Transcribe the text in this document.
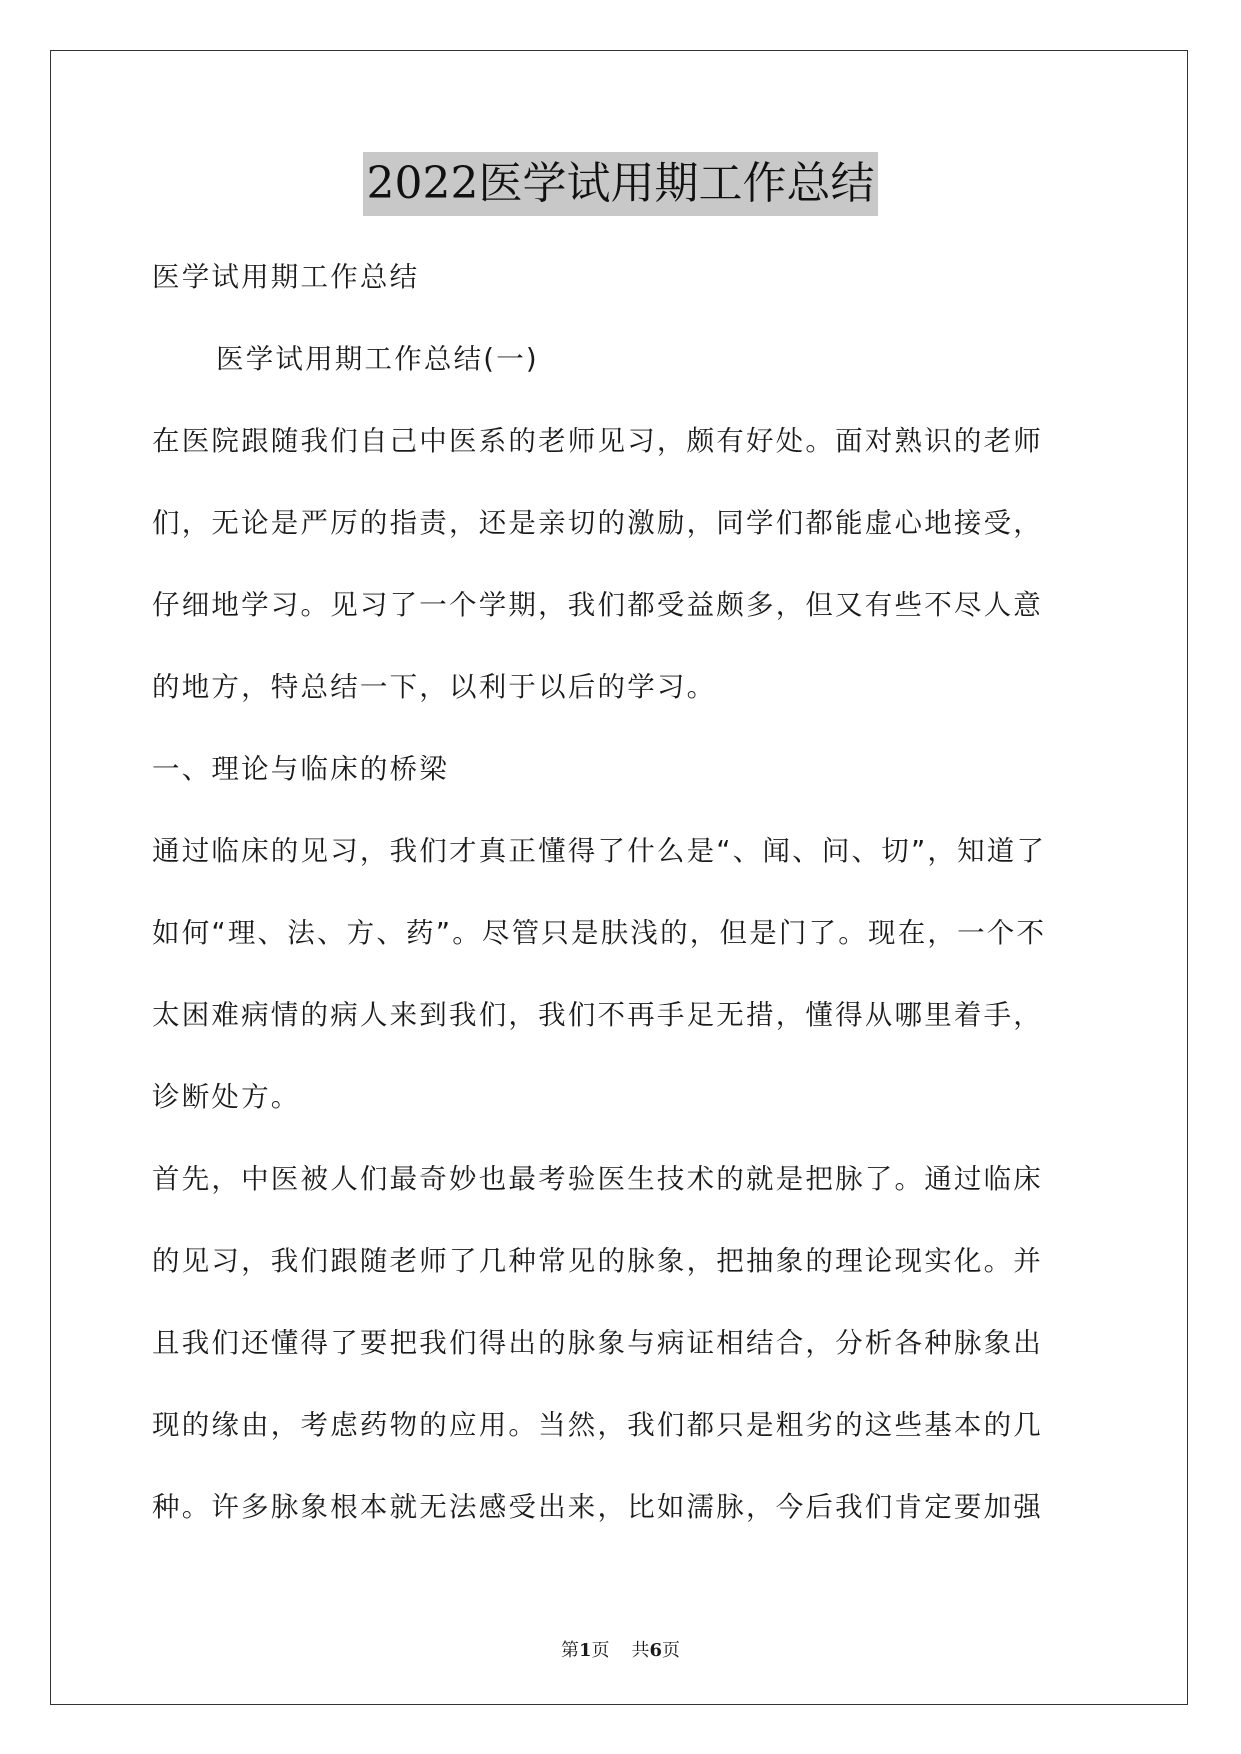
2022医学试用期工作总结
医学试用期工作总结
医学试用期工作总结(一)
在医院跟随我们自己中医系的老师见习，颇有好处。面对熟识的老师
们，无论是严厉的指责，还是亲切的激励，同学们都能虚心地接受，
仔细地学习。见习了一个学期，我们都受益颇多，但又有些不尽人意
的地方，特总结一下，以利于以后的学习。
一、理论与临床的桥梁
通过临床的见习，我们才真正懂得了什么是“、闻、问、切”，知道了
如何“理、法、方、药”。尽管只是肤浅的，但是门了。现在，一个不
太困难病情的病人来到我们，我们不再手足无措，懂得从哪里着手，
诊断处方。
首先，中医被人们最奇妙也最考验医生技术的就是把脉了。通过临床
的见习，我们跟随老师了几种常见的脉象，把抽象的理论现实化。并
且我们还懂得了要把我们得出的脉象与病证相结合，分析各种脉象出
现的缘由，考虑药物的应用。当然，我们都只是粗劣的这些基本的几
种。许多脉象根本就无法感受出来，比如濡脉，今后我们肯定要加强
第1页 共6页
